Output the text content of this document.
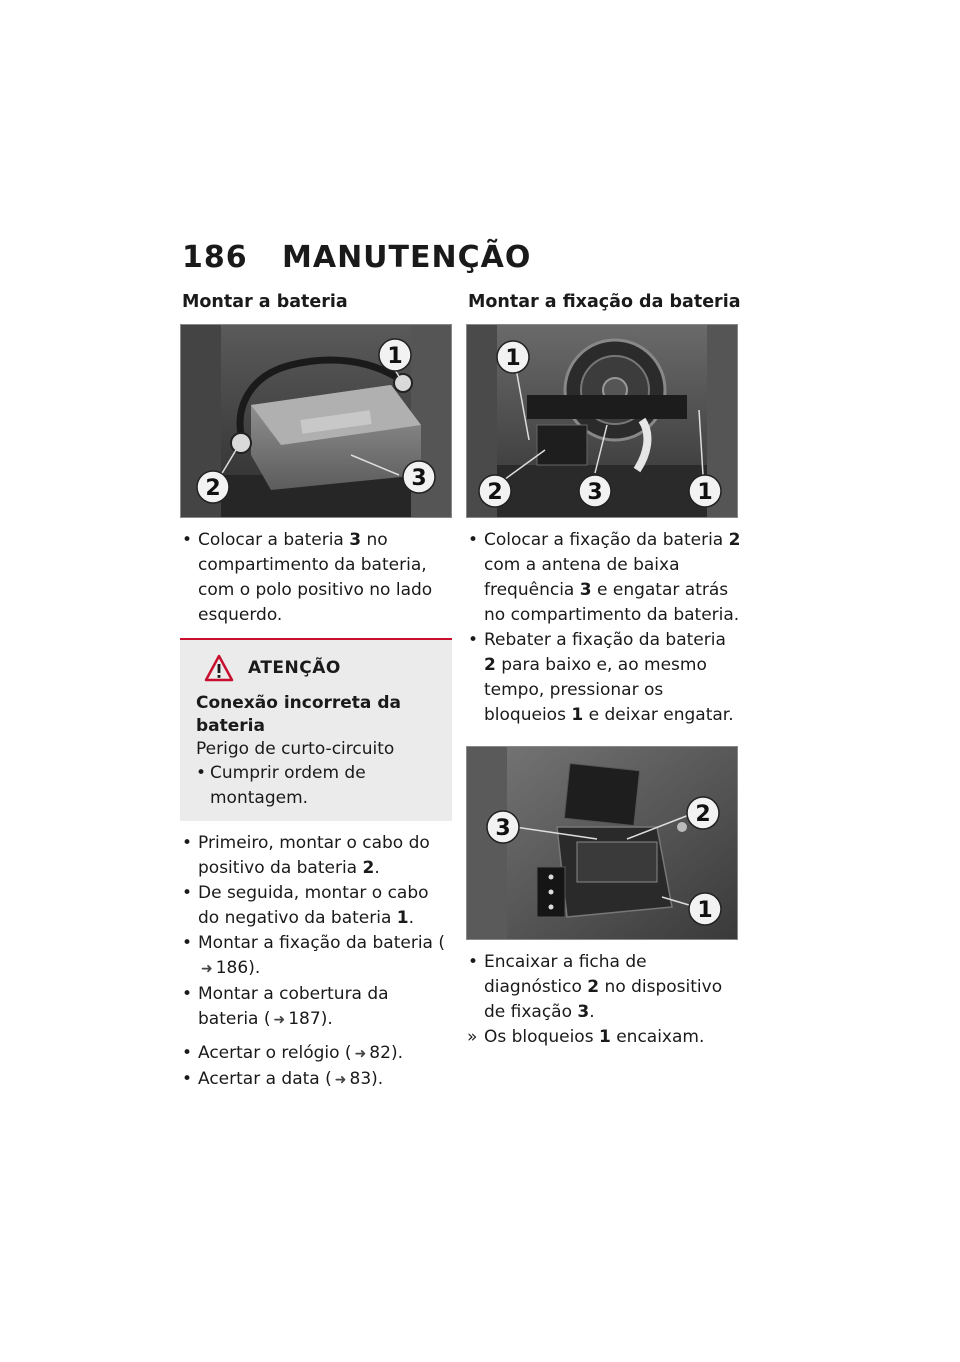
186	MANUTENÇÃO
Montar a bateria
1
2	3
• Colocar a bateria 3 no compartimento da bateria, com o polo positivo no lado esquerdo.
ATENÇÃO
Conexão incorreta da bateria
Perigo de curto-circuito
• Cumprir ordem de montagem.
• Primeiro, montar o cabo do positivo da bateria 2.
• De seguida, montar o cabo do negativo da bateria 1.
• Montar a fixação da bateria (➜ 186).
• Montar a cobertura da bateria ( ➜ 187).
• Acertar o relógio ( ➜ 82).
• Acertar a data ( ➜ 83).
Montar a fixação da bateria
1
2	3	1
• Colocar a fixação da bateria 2 com a antena de baixa frequência 3 e engatar atrás no compartimento da bateria.
• Rebater a fixação da bateria 2 para baixo e, ao mesmo tempo, pressionar os bloqueios 1 e deixar engatar.
3
2
1
• Encaixar a ficha de diagnóstico 2 no dispositivo de fixação 3.
» Os bloqueios 1 encaixam.
